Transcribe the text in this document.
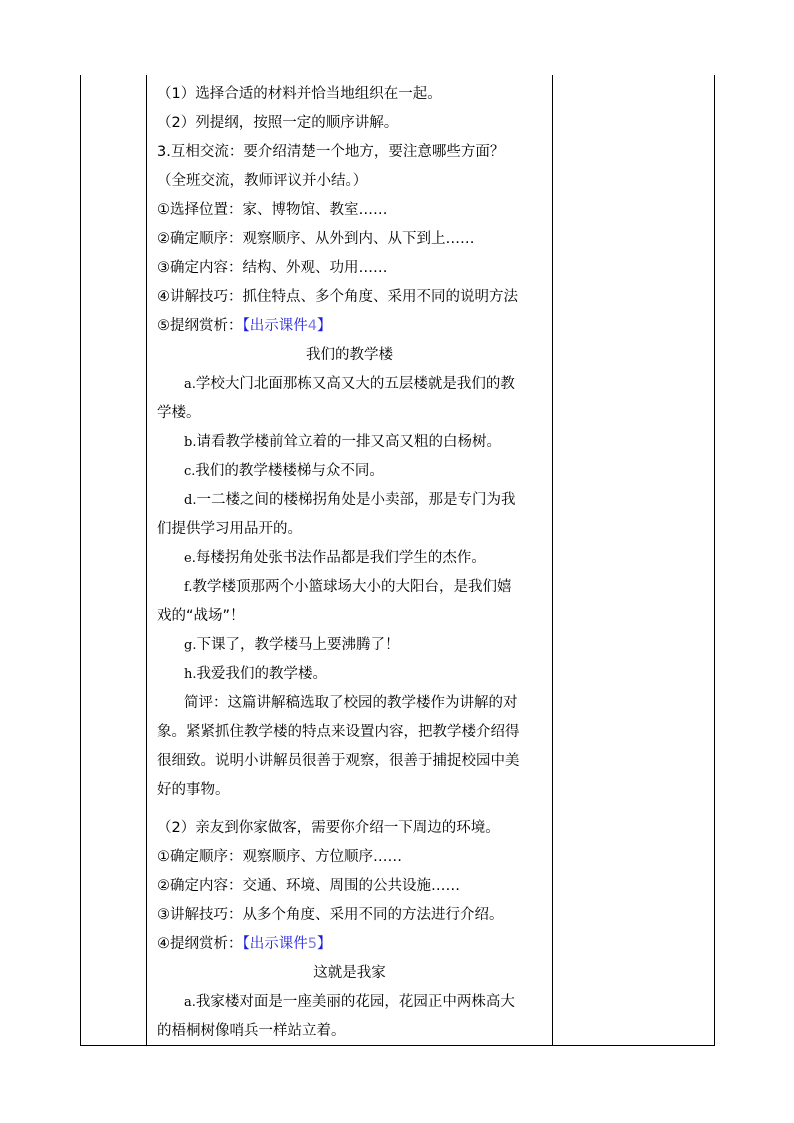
（1）选择合适的材料并恰当地组织在一起。
（2）列提纲，按照一定的顺序讲解。
3.互相交流：要介绍清楚一个地方，要注意哪些方面？
（全班交流，教师评议并小结。）
①选择位置：家、博物馆、教室……
②确定顺序：观察顺序、从外到内、从下到上……
③确定内容：结构、外观、功用……
④讲解技巧：抓住特点、多个角度、采用不同的说明方法
⑤提纲赏析：【出示课件4】
我们的教学楼
a.学校大门北面那栋又高又大的五层楼就是我们的教
学楼。
b.请看教学楼前耸立着的一排又高又粗的白杨树。
c.我们的教学楼楼梯与众不同。
d.一二楼之间的楼梯拐角处是小卖部，那是专门为我
们提供学习用品开的。
e.每楼拐角处张书法作品都是我们学生的杰作。
f.教学楼顶那两个小篮球场大小的大阳台，是我们嬉
戏的“战场”！
g.下课了，教学楼马上要沸腾了！
h.我爱我们的教学楼。
简评：这篇讲解稿选取了校园的教学楼作为讲解的对
象。紧紧抓住教学楼的特点来设置内容，把教学楼介绍得
很细致。说明小讲解员很善于观察，很善于捕捉校园中美
好的事物。
（2）亲友到你家做客，需要你介绍一下周边的环境。
①确定顺序：观察顺序、方位顺序……
②确定内容：交通、环境、周围的公共设施……
③讲解技巧：从多个角度、采用不同的方法进行介绍。
④提纲赏析：【出示课件5】
这就是我家
a.我家楼对面是一座美丽的花园，花园正中两株高大
的梧桐树像哨兵一样站立着。
